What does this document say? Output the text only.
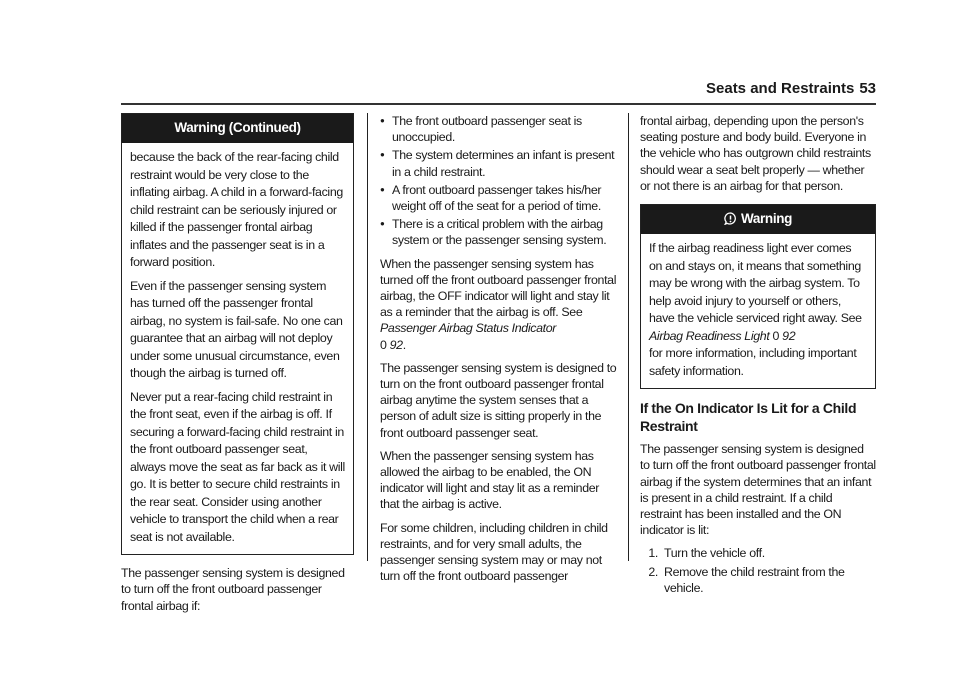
Seats and Restraints 53
Warning (Continued)

because the back of the rear-facing child restraint would be very close to the inflating airbag. A child in a forward-facing child restraint can be seriously injured or killed if the passenger frontal airbag inflates and the passenger seat is in a forward position.

Even if the passenger sensing system has turned off the passenger frontal airbag, no system is fail-safe. No one can guarantee that an airbag will not deploy under some unusual circumstance, even though the airbag is turned off.

Never put a rear-facing child restraint in the front seat, even if the airbag is off. If securing a forward-facing child restraint in the front outboard passenger seat, always move the seat as far back as it will go. It is better to secure child restraints in the rear seat. Consider using another vehicle to transport the child when a rear seat is not available.

The passenger sensing system is designed to turn off the front outboard passenger frontal airbag if:

● The front outboard passenger seat is unoccupied.
● The system determines an infant is present in a child restraint.
● A front outboard passenger takes his/her weight off of the seat for a period of time.
● There is a critical problem with the airbag system or the passenger sensing system.

When the passenger sensing system has turned off the front outboard passenger frontal airbag, the OFF indicator will light and stay lit as a reminder that the airbag is off. See Passenger Airbag Status Indicator
0 92.

The passenger sensing system is designed to turn on the front outboard passenger frontal airbag anytime the system senses that a person of adult size is sitting properly in the front outboard passenger seat.

When the passenger sensing system has allowed the airbag to be enabled, the ON indicator will light and stay lit as a reminder that the airbag is active.

For some children, including children in child restraints, and for very small adults, the passenger sensing system may or may not turn off the front outboard passenger

frontal airbag, depending upon the person's seating posture and body build. Everyone in the vehicle who has outgrown child restraints should wear a seat belt properly — whether or not there is an airbag for that person.

Warning

If the airbag readiness light ever comes on and stays on, it means that something may be wrong with the airbag system. To help avoid injury to yourself or others, have the vehicle serviced right away. See Airbag Readiness Light 0 92
for more information, including important safety information.

If the On Indicator Is Lit for a Child Restraint

The passenger sensing system is designed to turn off the front outboard passenger frontal airbag if the system determines that an infant is present in a child restraint. If a child restraint has been installed and the ON indicator is lit:

1. Turn the vehicle off.
2. Remove the child restraint from the vehicle.
